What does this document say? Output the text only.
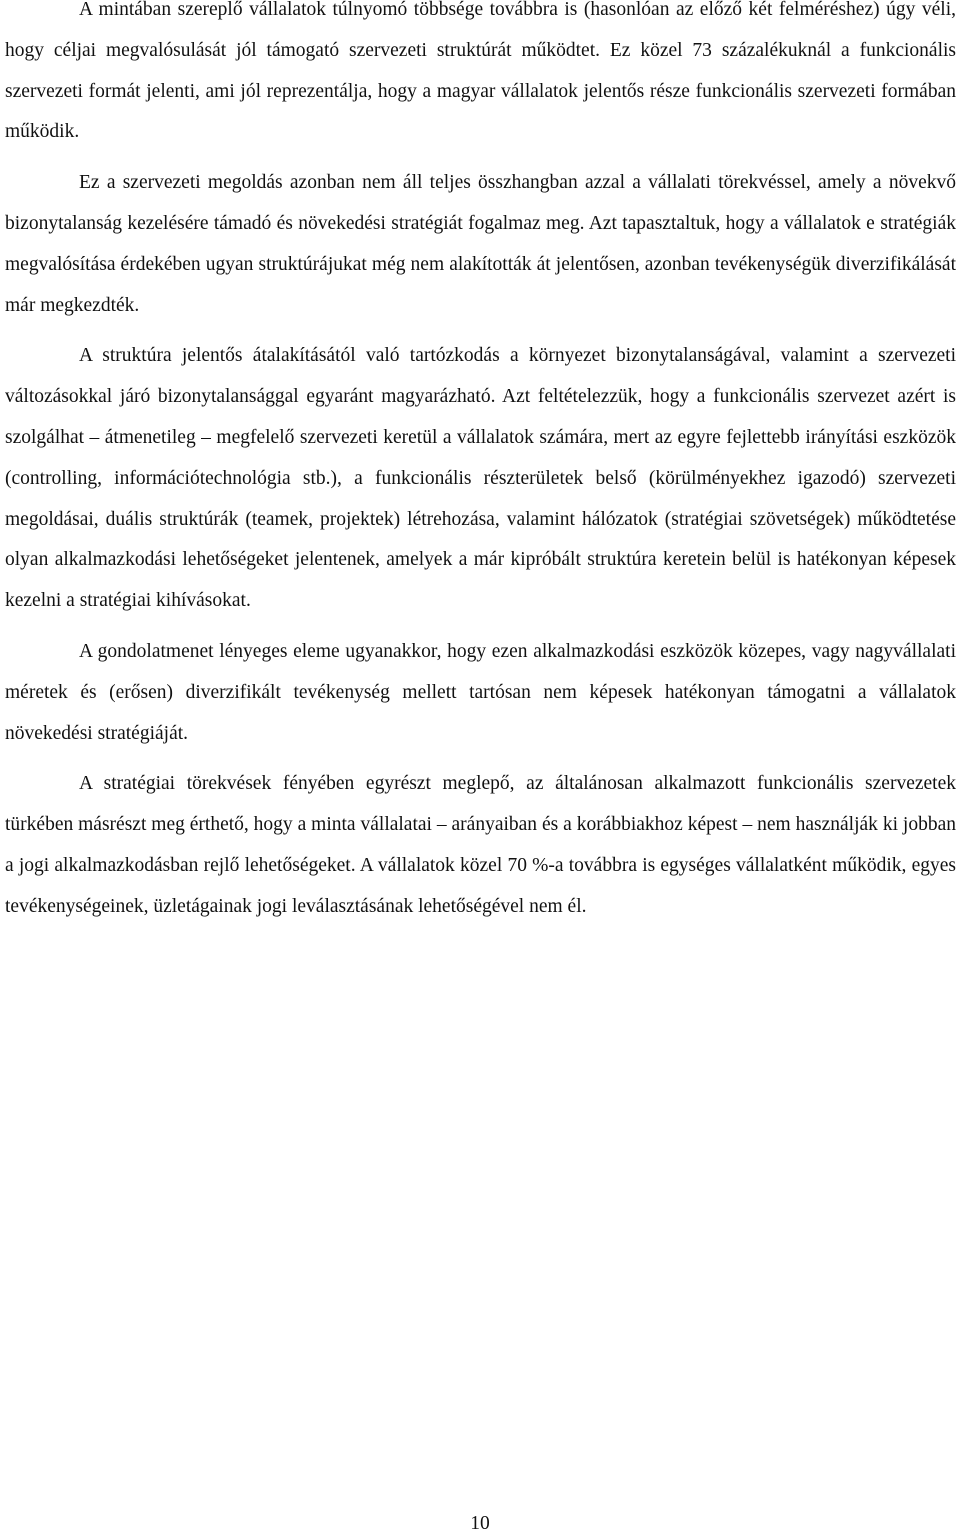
A mintában szereplő vállalatok túlnyomó többsége továbbra is (hasonlóan az előző két felméréshez) úgy véli, hogy céljai megvalósulását jól támogató szervezeti struktúrát működtet. Ez közel 73 százalékuknál a funkcionális szervezeti formát jelenti, ami jól reprezentálja, hogy a magyar vállalatok jelentős része funkcionális szervezeti formában működik.

Ez a szervezeti megoldás azonban nem áll teljes összhangban azzal a vállalati törekvéssel, amely a növekvő bizonytalanság kezelésére támadó és növekedési stratégiát fogalmaz meg. Azt tapasztaltuk, hogy a vállalatok e stratégiák megvalósítása érdekében ugyan struktúrájukat még nem alakították át jelentősen, azonban tevékenységük diverzifikálását már megkezdték.

A struktúra jelentős átalakításától való tartózkodás a környezet bizonytalanságával, valamint a szervezeti változásokkal járó bizonytalansággal egyaránt magyarázható. Azt feltételezzük, hogy a funkcionális szervezet azért is szolgálhat – átmenetileg – megfelelő szervezeti keretül a vállalatok számára, mert az egyre fejlettebb irányítási eszközök (controlling, információtechnológia stb.), a funkcionális részterületek belső (körülményekhez igazodó) szervezeti megoldásai, duális struktúrák (teamek, projektek) létrehozása, valamint hálózatok (stratégiai szövetségek) működtetése olyan alkalmazkodási lehetőségeket jelentenek, amelyek a már kipróbált struktúra keretein belül is hatékonyan képesek kezelni a stratégiai kihívásokat.

A gondolatmenet lényeges eleme ugyanakkor, hogy ezen alkalmazkodási eszközök közepes, vagy nagyvállalati méretek és (erősen) diverzifikált tevékenység mellett tartósan nem képesek hatékonyan támogatni a vállalatok növekedési stratégiáját.

A stratégiai törekvések fényében egyrészt meglepő, az általánosan alkalmazott funkcionális szervezetek türkében másrészt meg érthető, hogy a minta vállalatai – arányaiban és a korábbiakhoz képest – nem használják ki jobban a jogi alkalmazkodásban rejlő lehetőségeket. A vállalatok közel 70 %-a továbbra is egységes vállalatként működik, egyes tevékenységeinek, üzletágainak jogi leválasztásának lehetőségével nem él.

10
